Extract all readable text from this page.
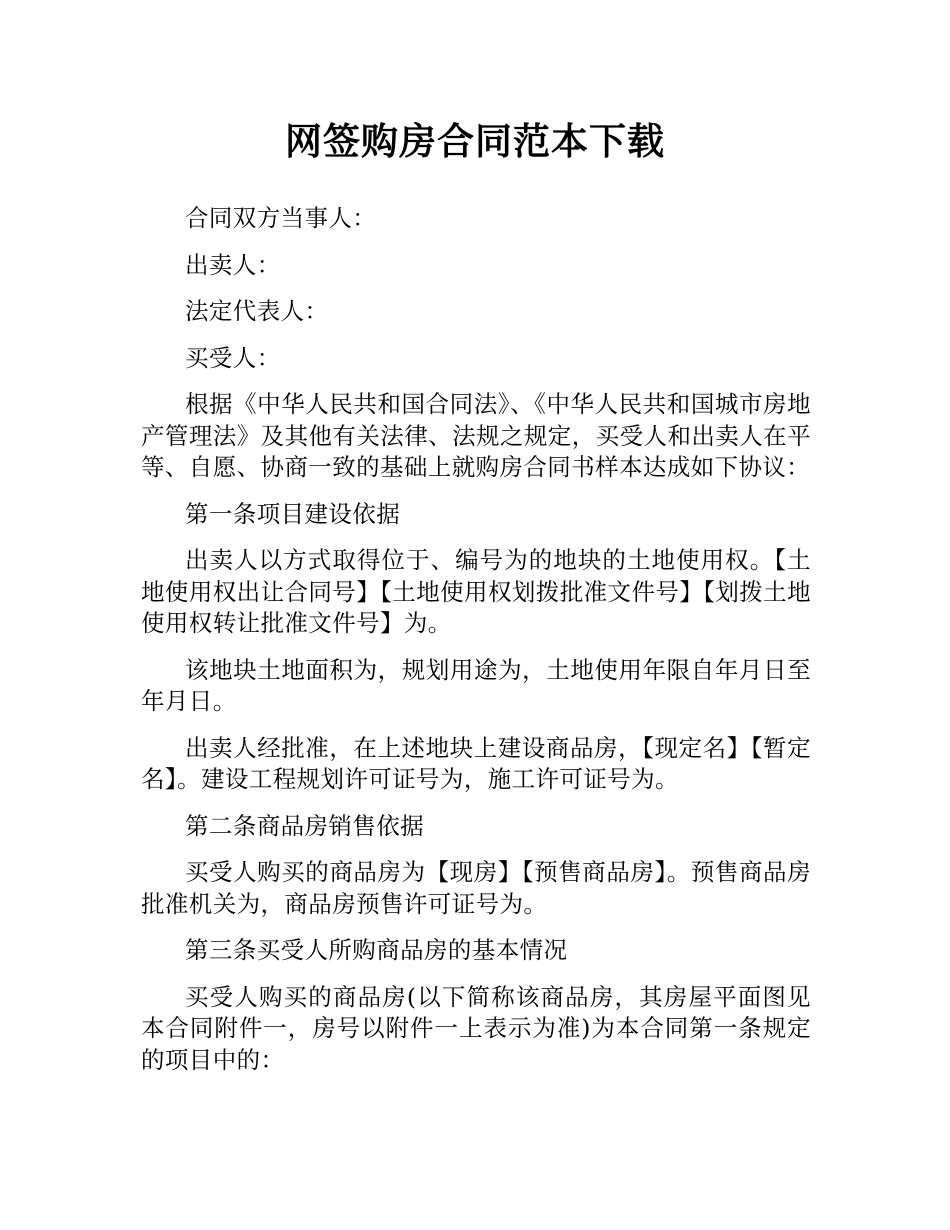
网签购房合同范本下载

合同双方当事人：

出卖人：

法定代表人：

买受人：

根据《中华人民共和国合同法》、《中华人民共和国城市房地产管理法》及其他有关法律、法规之规定，买受人和出卖人在平等、自愿、协商一致的基础上就购房合同书样本达成如下协议：

第一条项目建设依据

出卖人以方式取得位于、编号为的地块的土地使用权。【土地使用权出让合同号】【土地使用权划拨批准文件号】【划拨土地使用权转让批准文件号】为。

该地块土地面积为，规划用途为，土地使用年限自年月日至年月日。

出卖人经批准，在上述地块上建设商品房，【现定名】【暂定名】。建设工程规划许可证号为，施工许可证号为。

第二条商品房销售依据

买受人购买的商品房为【现房】【预售商品房】。预售商品房批准机关为，商品房预售许可证号为。

第三条买受人所购商品房的基本情况

买受人购买的商品房(以下简称该商品房，其房屋平面图见本合同附件一，房号以附件一上表示为准)为本合同第一条规定的项目中的：
